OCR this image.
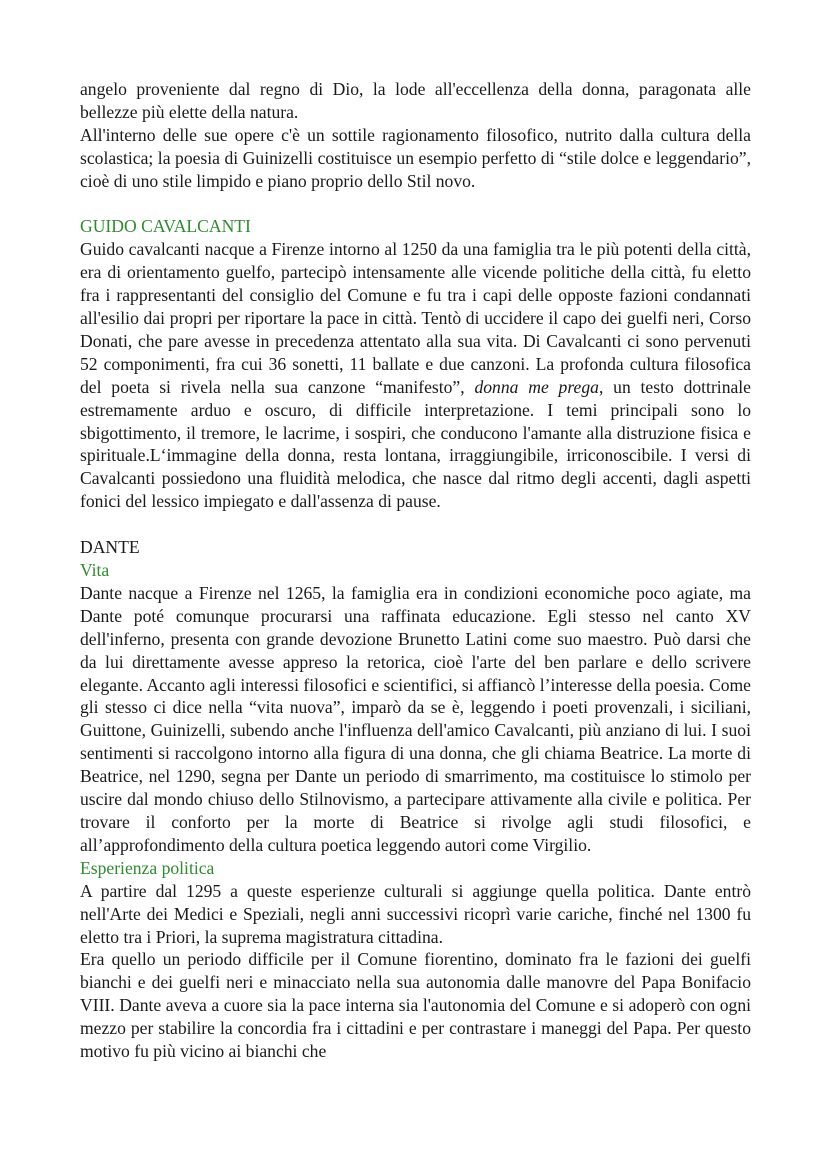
angelo proveniente dal regno di Dio, la lode all'eccellenza della donna, paragonata alle bellezze più elette della natura.

All'interno delle sue opere c'è un sottile ragionamento filosofico, nutrito dalla cultura della scolastica; la poesia di Guinizelli costituisce un esempio perfetto di “stile dolce e leggendario”, cioè di uno stile limpido e piano proprio dello Stil novo.

GUIDO CAVALCANTI

Guido cavalcanti nacque a Firenze intorno al 1250 da una famiglia tra le più potenti della città, era di orientamento guelfo, partecipò intensamente alle vicende politiche della città, fu eletto fra i rappresentanti del consiglio del Comune e fu tra i capi delle opposte fazioni condannati all'esilio dai propri per riportare la pace in città. Tentò di uccidere il capo dei guelfi neri, Corso Donati, che pare avesse in precedenza attentato alla sua vita. Di Cavalcanti ci sono pervenuti 52 componimenti, fra cui 36 sonetti, 11 ballate e due canzoni. La profonda cultura filosofica del poeta si rivela nella sua canzone “manifesto”, donna me prega, un testo dottrinale estremamente arduo e oscuro, di difficile interpretazione. I temi principali sono lo sbigottimento, il tremore, le lacrime, i sospiri, che conducono l'amante alla distruzione fisica e spirituale.L‘immagine della donna, resta lontana, irraggiungibile, irriconoscibile. I versi di Cavalcanti possiedono una fluidità melodica, che nasce dal ritmo degli accenti, dagli aspetti fonici del lessico impiegato e dall'assenza di pause.

DANTE

Vita

Dante nacque a Firenze nel 1265, la famiglia era in condizioni economiche poco agiate, ma Dante poté comunque procurarsi una raffinata educazione. Egli stesso nel canto XV dell'inferno, presenta con grande devozione Brunetto Latini come suo maestro. Può darsi che da lui direttamente avesse appreso la retorica, cioè l'arte del ben parlare e dello scrivere elegante. Accanto agli interessi filosofici e scientifici, si affiancò l’interesse della poesia. Come gli stesso ci dice nella “vita nuova”, imparò da se è, leggendo i poeti provenzali, i siciliani, Guittone, Guinizelli, subendo anche l'influenza dell'amico Cavalcanti, più anziano di lui. I suoi sentimenti si raccolgono intorno alla figura di una donna, che gli chiama Beatrice. La morte di Beatrice, nel 1290, segna per Dante un periodo di smarrimento, ma costituisce lo stimolo per uscire dal mondo chiuso dello Stilnovismo, a partecipare attivamente alla civile e politica. Per trovare il conforto per la morte di Beatrice si rivolge agli studi filosofici, e all’approfondimento della cultura poetica leggendo autori come Virgilio.

Esperienza politica

A partire dal 1295 a queste esperienze culturali si aggiunge quella politica. Dante entrò nell'Arte dei Medici e Speziali, negli anni successivi ricoprì varie cariche, finché nel 1300 fu eletto tra i Priori, la suprema magistratura cittadina.

Era quello un periodo difficile per il Comune fiorentino, dominato fra le fazioni dei guelfi bianchi e dei guelfi neri e minacciato nella sua autonomia dalle manovre del Papa Bonifacio VIII. Dante aveva a cuore sia la pace interna sia l'autonomia del Comune e si adoperò con ogni mezzo per stabilire la concordia fra i cittadini e per contrastare i maneggi del Papa. Per questo motivo fu più vicino ai bianchi che
